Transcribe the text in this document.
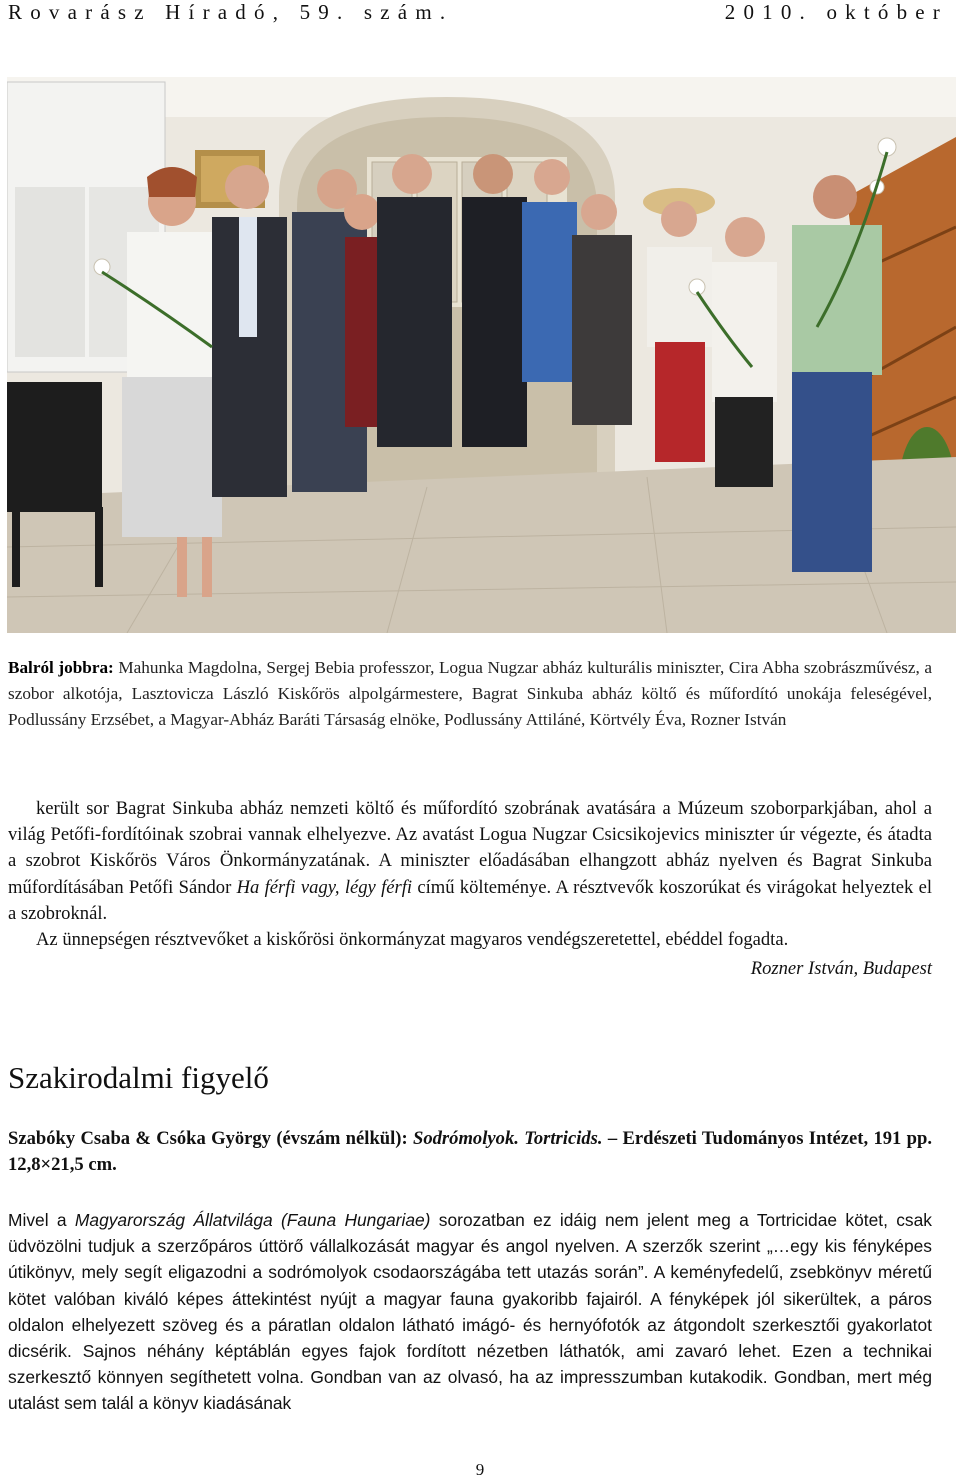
Rovarász Híradó, 59. szám.	2010. október
Balról jobbra: Mahunka Magdolna, Sergej Bebia professzor, Logua Nugzar abház kulturális miniszter, Cira Abha szobrászművész, a szobor alkotója, Lasztovicza László Kiskőrös alpolgármestere, Bagrat Sinkuba abház költő és műfordító unokája feleségével, Podlussány Erzsébet, a Magyar-Abház Baráti Társaság elnöke, Podlussány Attiláné, Körtvély Éva, Rozner István

került sor Bagrat Sinkuba abház nemzeti költő és műfordító szobrának avatására a Múzeum szoborparkjában, ahol a világ Petőfi-fordítóinak szobrai vannak elhelyezve. Az avatást Logua Nugzar Csicsikojevics miniszter úr végezte, és átadta a szobrot Kiskőrös Város Önkormányzatának. A miniszter előadásában elhangzott abház nyelven és Bagrat Sinkuba műfordításában Petőfi Sándor Ha férfi vagy, légy férfi című költeménye. A résztvevők koszorúkat és virágokat helyeztek el a szobroknál.

Az ünnepségen résztvevőket a kiskőrösi önkormányzat magyaros vendégszeretettel, ebéddel fogadta.

Rozner István, Budapest

Szakirodalmi figyelő
Szabóky Csaba & Csóka György (évszám nélkül): Sodrómolyok. Tortricids. – Erdészeti Tudományos Intézet, 191 pp. 12,8×21,5 cm.

Mivel a Magyarország Állatvilága (Fauna Hungariae) sorozatban ez idáig nem jelent meg a Tortricidae kötet, csak üdvözölni tudjuk a szerzőpáros úttörő vállalkozását magyar és angol nyelven. A szerzők szerint „…egy kis fényképes útikönyv, mely segít eligazodni a sodrómolyok csodaországába tett utazás során”. A keményfedelű, zsebkönyv méretű kötet valóban kiváló képes áttekintést nyújt a magyar fauna gyakoribb fajairól. A fényképek jól sikerültek, a páros oldalon elhelyezett szöveg és a páratlan oldalon látható imágó- és hernyófotók az átgondolt szerkesztői gyakorlatot dicsérik. Sajnos néhány képtáblán egyes fajok fordított nézetben láthatók, ami zavaró lehet. Ezen a technikai szerkesztő könnyen segíthetett volna. Gondban van az olvasó, ha az impresszumban kutakodik. Gondban, mert még utalást sem talál a könyv kiadásának

9
